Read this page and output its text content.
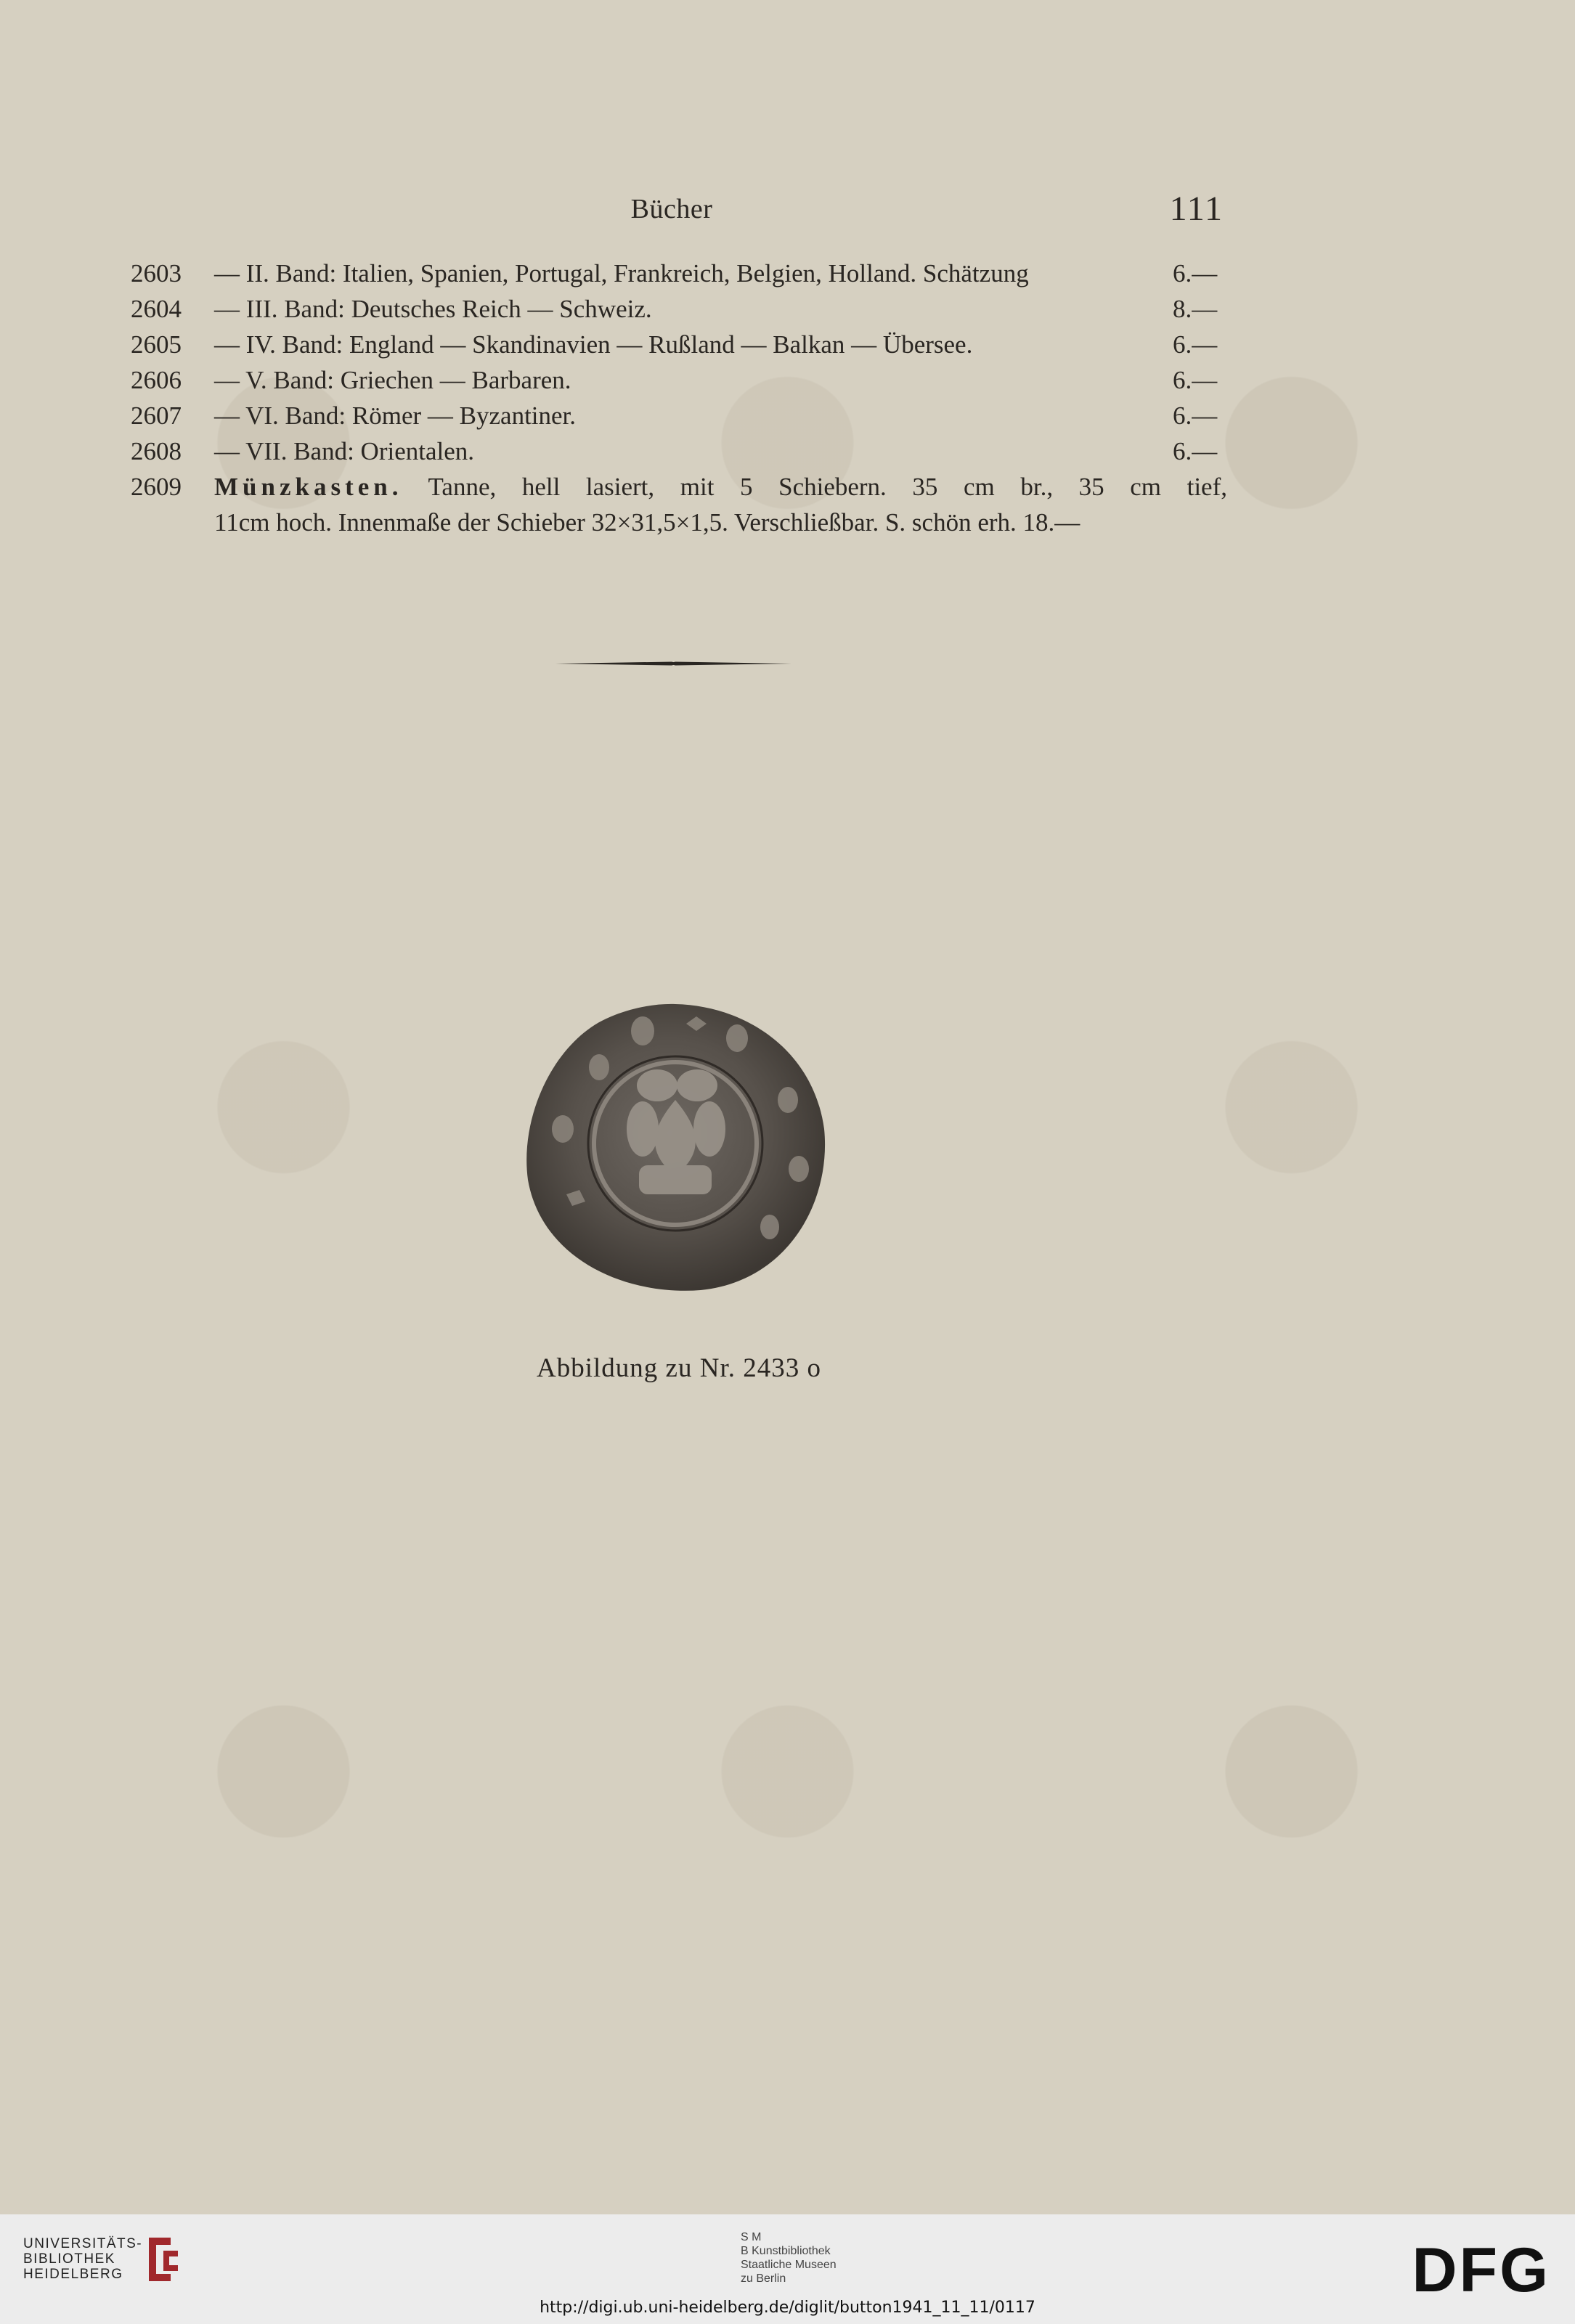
Bücher	111
2603	— II. Band: Italien, Spanien, Portugal, Frankreich, Belgien, Holland. Schätzung	6.—
2604	— III. Band: Deutsches Reich — Schweiz.	8.—
2605	— IV. Band: England — Skandinavien — Rußland — Balkan — Übersee.	6.—
2606	— V. Band: Griechen — Barbaren.	6.—
2607	— VI. Band: Römer — Byzantiner.	6.—
2608	— VII. Band: Orientalen.	6.—
2609	Münzkasten. Tanne, hell lasiert, mit 5 Schiebern. 35 cm br., 35 cm tief,
11cm hoch. Innenmaße der Schieber 32×31,5×1,5. Verschließbar. S. schön erh. 18.—
Abbildung zu Nr. 2433 o
UNIVERSITÄTS-
BIBLIOTHEK
HEIDELBERG
S M
B Kunstbibliothek
Staatliche Museen
zu Berlin	DFG
http://digi.ub.uni-heidelberg.de/diglit/button1941_11_11/0117
